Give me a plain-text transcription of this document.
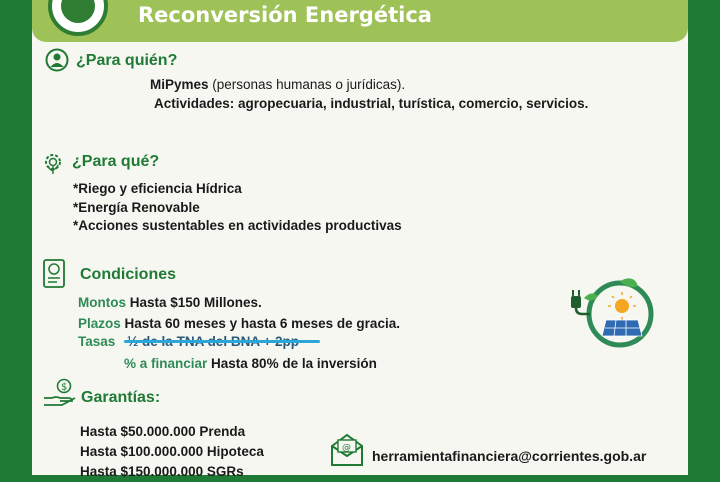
Reconversión Energética
¿Para quién?
MiPymes (personas humanas o jurídicas).
Actividades: agropecuaria, industrial, turística, comercio, servicios.
¿Para qué?
*Riego y eficiencia Hídrica
*Energía Renovable
*Acciones sustentables en actividades productivas
Condiciones
Montos Hasta $150 Millones.
Plazos Hasta 60 meses y hasta 6 meses de gracia.
Tasas
% a financiar Hasta 80% de la inversión
$
Garantías:
Hasta $50.000.000 Prenda
Hasta $100.000.000 Hipoteca
Hasta $150.000.000 SGRs
@ herramientafinanciera@corrientes.gob.ar
